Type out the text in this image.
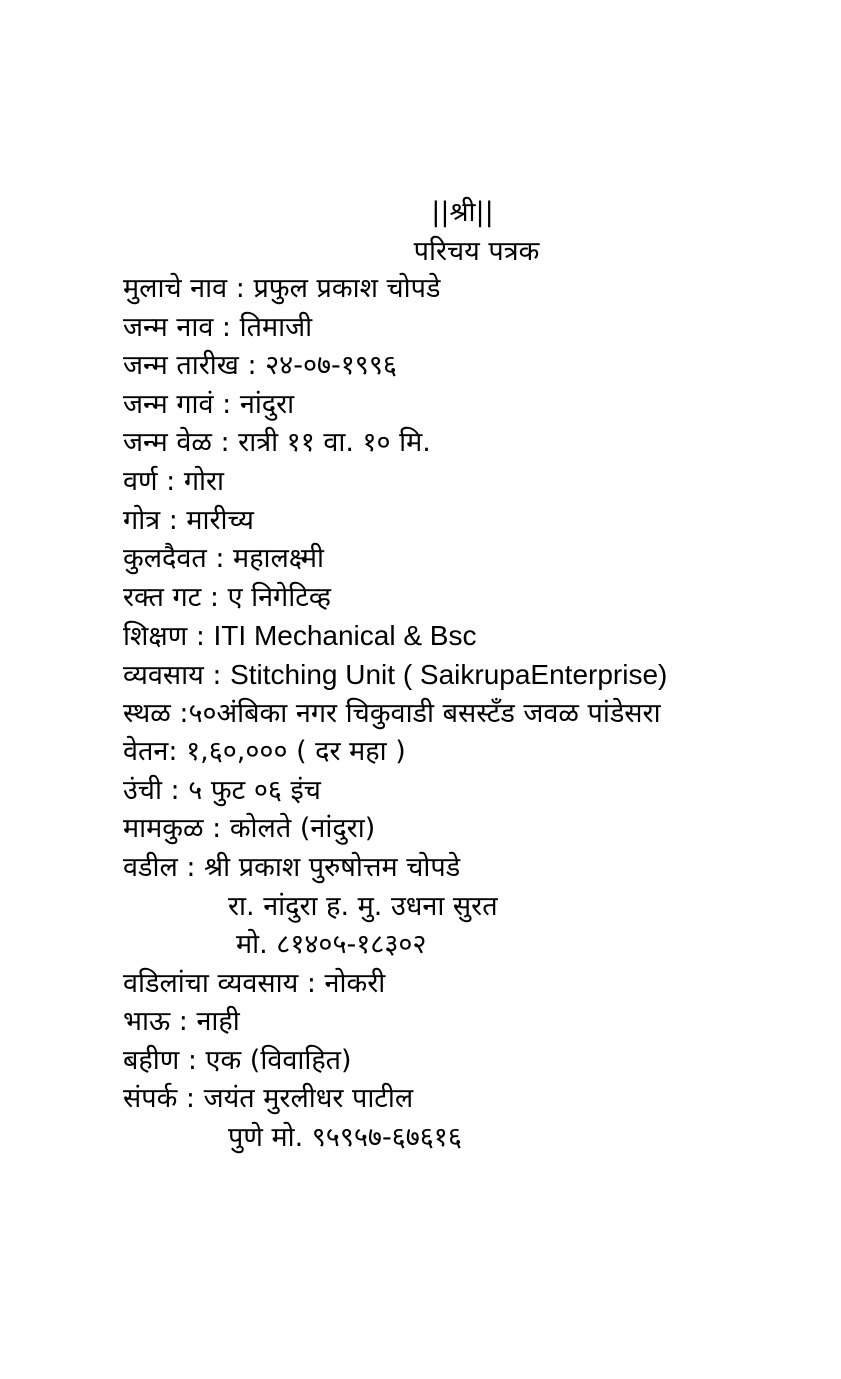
||श्री||
परिचय पत्रक
मुलाचे नाव : प्रफुल प्रकाश चोपडे
जन्म नाव : तिमाजी
जन्म तारीख : २४-०७-१९९६
जन्म गावं : नांदुरा
जन्म वेळ : रात्री ११ वा. १० मि.
वर्ण : गोरा
गोत्र : मारीच्य
कुलदैवत : महालक्ष्मी
रक्त गट : ए निगेटिव्ह
शिक्षण : ITI Mechanical & Bsc
व्यवसाय : Stitching Unit ( SaikrupaEnterprise)
स्थळ :५०अंबिका नगर चिकुवाडी बसस्टँड जवळ पांडेसरा
वेतन: १,६०,००० ( दर महा )
उंची : ५ फुट ०६ इंच
मामकुळ : कोलते (नांदुरा)
वडील : श्री प्रकाश पुरुषोत्तम चोपडे
रा. नांदुरा ह. मु. उधना सुरत
मो. ८१४०५-१८३०२
वडिलांचा व्यवसाय : नोकरी
भाऊ : नाही
बहीण : एक (विवाहित)
संपर्क : जयंत मुरलीधर पाटील
पुणे मो. ९५९५७-६७६१६
